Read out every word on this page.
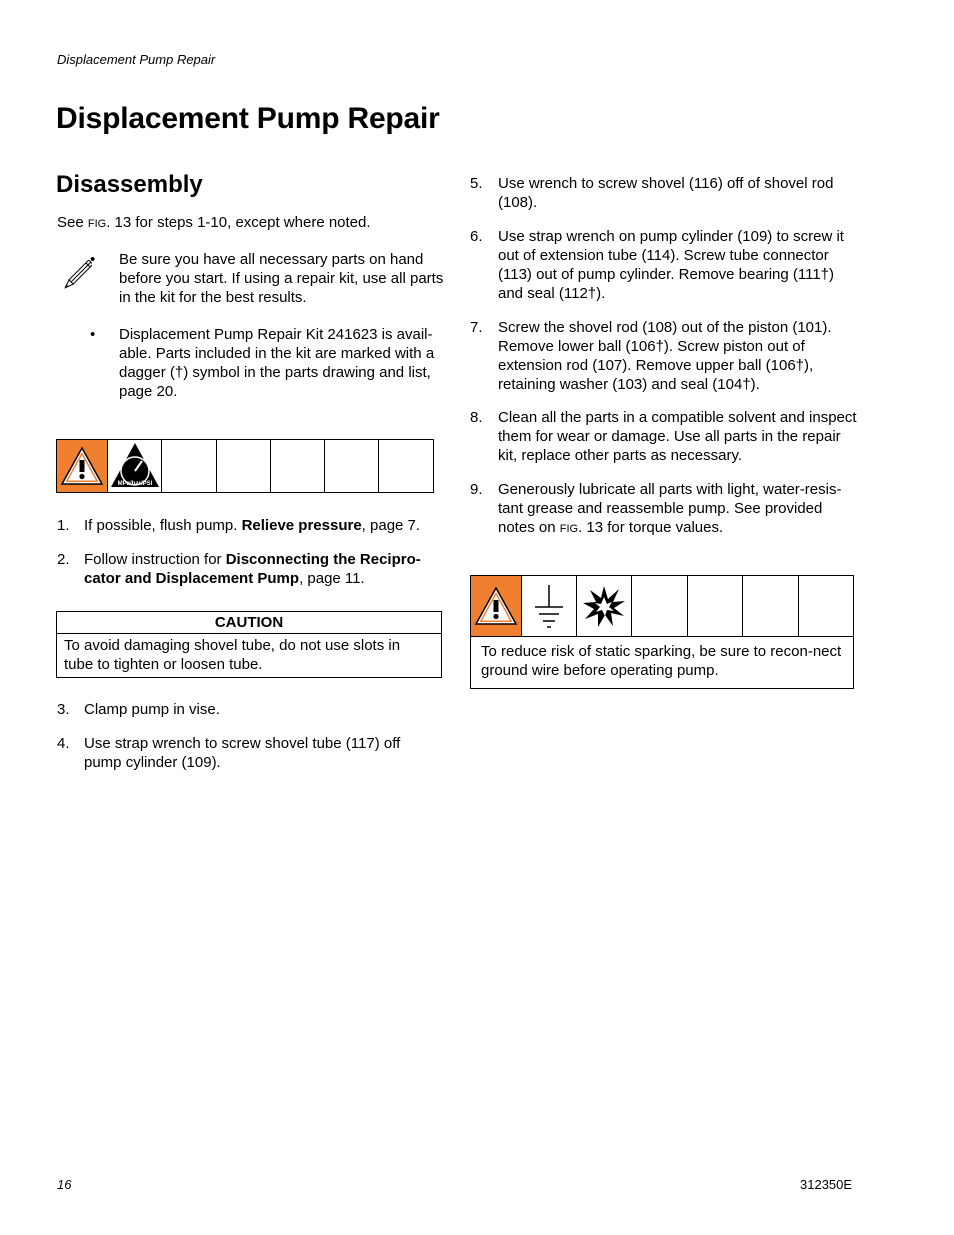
Displacement Pump Repair
Displacement Pump Repair
Disassembly
See FIG. 13 for steps 1-10, except where noted.
• Be sure you have all necessary parts on hand before you start. If using a repair kit, use all parts in the kit for the best results.
• Displacement Pump Repair Kit 241623 is avail-able. Parts included in the kit are marked with a dagger (†) symbol in the parts drawing and list, page 20.
MPa/bar/PSI
1. If possible, flush pump. Relieve pressure, page 7.
2. Follow instruction for Disconnecting the Recipro-cator and Displacement Pump, page 11.
CAUTION
To avoid damaging shovel tube, do not use slots in tube to tighten or loosen tube.
3. Clamp pump in vise.
4. Use strap wrench to screw shovel tube (117) off pump cylinder (109).
5. Use wrench to screw shovel (116) off of shovel rod (108).
6. Use strap wrench on pump cylinder (109) to screw it out of extension tube (114). Screw tube connector (113) out of pump cylinder. Remove bearing (111†) and seal (112†).
7. Screw the shovel rod (108) out of the piston (101). Remove lower ball (106†). Screw piston out of extension rod (107). Remove upper ball (106†), retaining washer (103) and seal (104†).
8. Clean all the parts in a compatible solvent and inspect them for wear or damage. Use all parts in the repair kit, replace other parts as necessary.
9. Generously lubricate all parts with light, water-resis-tant grease and reassemble pump. See provided notes on FIG. 13 for torque values.
To reduce risk of static sparking, be sure to recon-nect ground wire before operating pump.
16	312350E
